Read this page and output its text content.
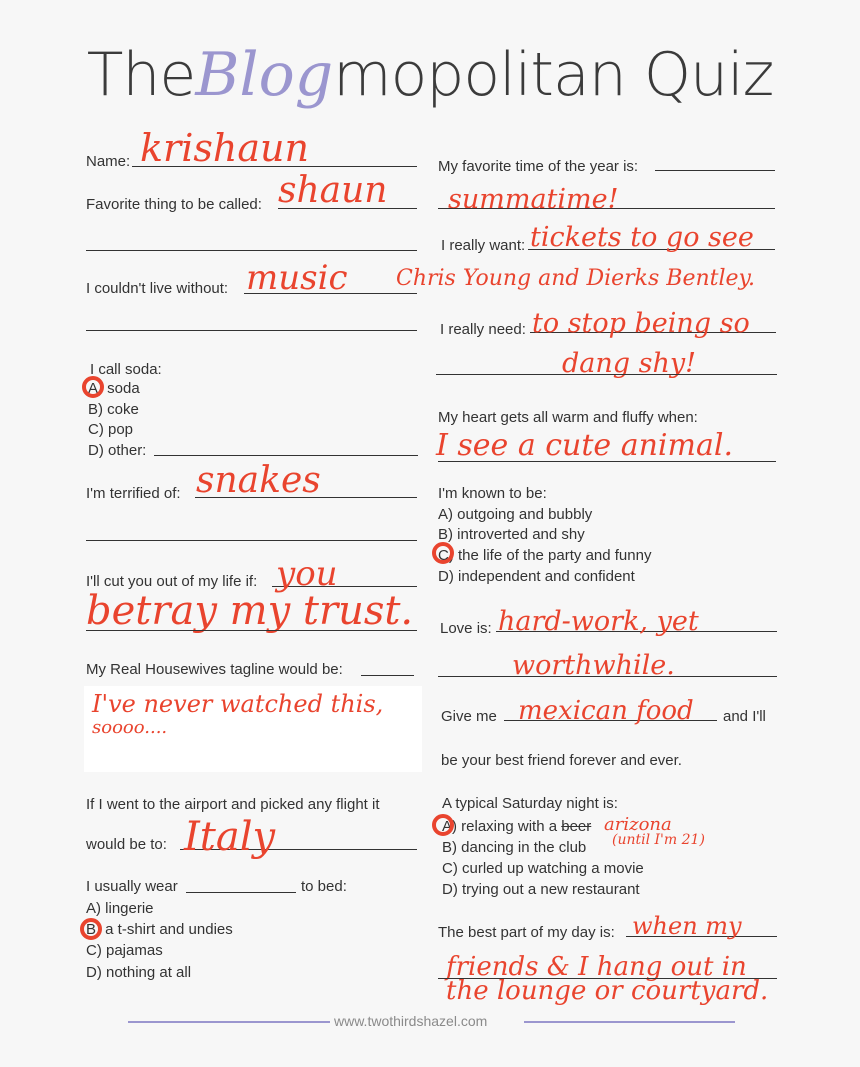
TheBlogmopolitan Quiz
Name: krishaun
Favorite thing to be called: shaun
I couldn't live without: music
I call soda:
A) soda
B) coke
C) pop
D) other:
I'm terrified of: snakes
I'll cut you out of my life if: you
betray my trust.
My Real Housewives tagline would be:
I've never watched this,
soooo....
If I went to the airport and picked any flight it
would be to: Italy
I usually wear	to bed:
A) lingerie
B) a t-shirt and undies
C) pajamas
D) nothing at all
My favorite time of the year is:
summatime!
I really want: tickets to go see
Chris Young and Dierks Bentley.
I really need: to stop being so
dang shy!
My heart gets all warm and fluffy when:
I see a cute animal.
I'm known to be:
A) outgoing and bubbly
B) introverted and shy
C) the life of the party and funny
D) independent and confident
Love is: hard-work, yet
worthwhile.
Give me mexican food and I'll
be your best friend forever and ever.
A typical Saturday night is:
A) relaxing with a beer arizona
(until I'm 21)
B) dancing in the club
C) curled up watching a movie
D) trying out a new restaurant
The best part of my day is: when my
friends & I hang out in
the lounge or courtyard.
www.twothirdshazel.com
